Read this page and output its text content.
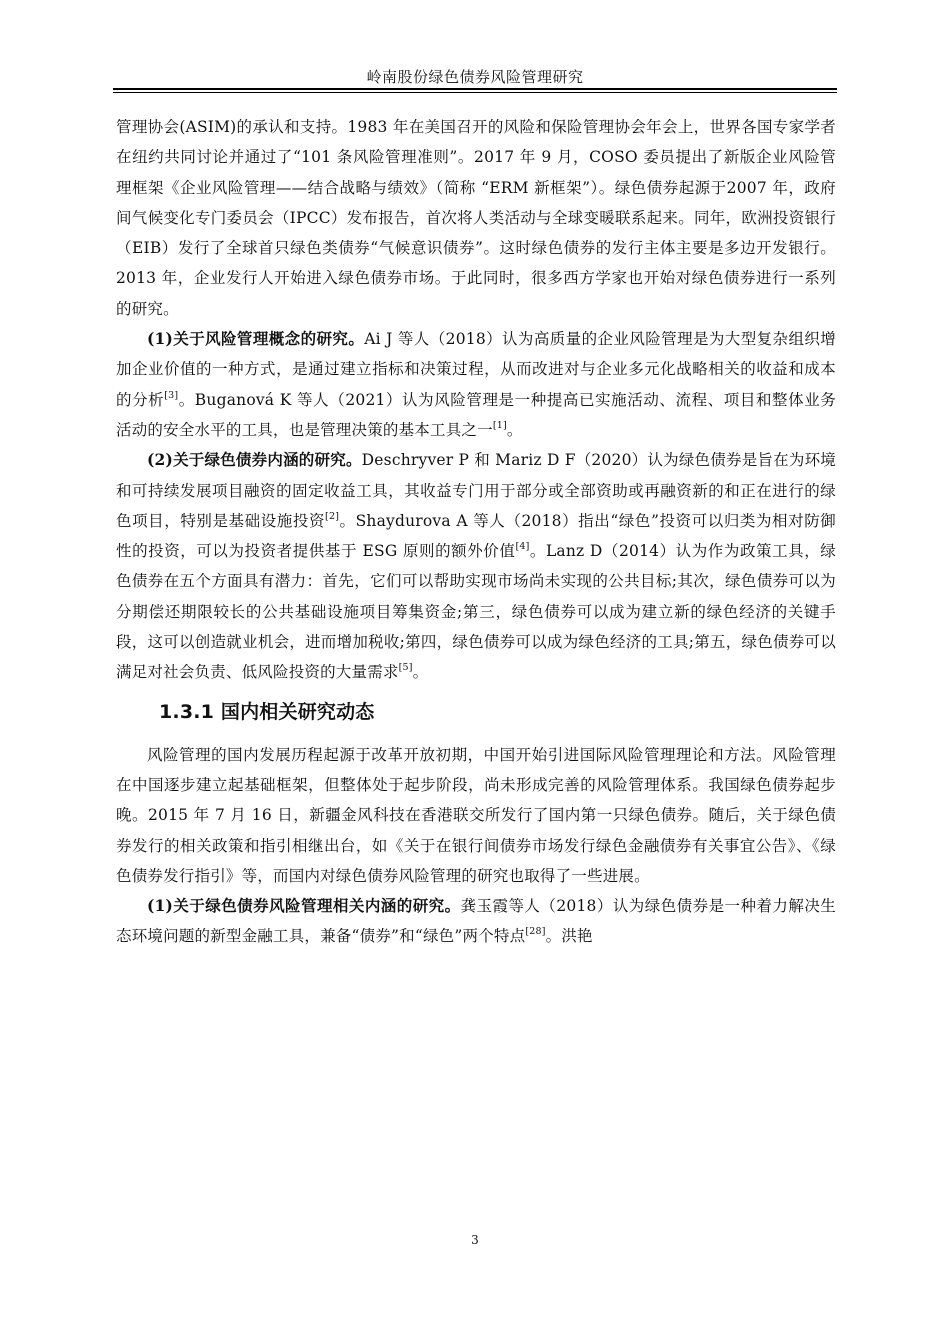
岭南股份绿色债券风险管理研究

管理协会(ASIM)的承认和支持。1983 年在美国召开的风险和保险管理协会年会上，世界各国专家学者在纽约共同讨论并通过了“101 条风险管理准则”。2017 年 9 月，COSO 委员提出了新版企业风险管理框架《企业风险管理——结合战略与绩效》（简称 “ERM 新框架”）。绿色债券起源于2007 年，政府间气候变化专门委员会（IPCC）发布报告，首次将人类活动与全球变暖联系起来。同年，欧洲投资银行（EIB）发行了全球首只绿色类债券“气候意识债券”。这时绿色债券的发行主体主要是多边开发银行。2013 年，企业发行人开始进入绿色债券市场。于此同时，很多西方学家也开始对绿色债券进行一系列的研究。

(1)关于风险管理概念的研究。Ai J 等人（2018）认为高质量的企业风险管理是为大型复杂组织增加企业价值的一种方式，是通过建立指标和决策过程，从而改进对与企业多元化战略相关的收益和成本的分析[3]。Buganová K 等人（2021）认为风险管理是一种提高已实施活动、流程、项目和整体业务活动的安全水平的工具，也是管理决策的基本工具之一[1]。

(2)关于绿色债券内涵的研究。Deschryver P 和 Mariz D F（2020）认为绿色债券是旨在为环境和可持续发展项目融资的固定收益工具，其收益专门用于部分或全部资助或再融资新的和正在进行的绿色项目，特别是基础设施投资[2]。Shaydurova A 等人（2018）指出“绿色”投资可以归类为相对防御性的投资，可以为投资者提供基于 ESG 原则的额外价值[4]。Lanz D（2014）认为作为政策工具，绿色债券在五个方面具有潜力：首先，它们可以帮助实现市场尚未实现的公共目标;其次，绿色债券可以为分期偿还期限较长的公共基础设施项目筹集资金;第三，绿色债券可以成为建立新的绿色经济的关键手段，这可以创造就业机会，进而增加税收;第四，绿色债券可以成为绿色经济的工具;第五，绿色债券可以满足对社会负责、低风险投资的大量需求[5]。

1.3.1 国内相关研究动态

风险管理的国内发展历程起源于改革开放初期，中国开始引进国际风险管理理论和方法。风险管理在中国逐步建立起基础框架，但整体处于起步阶段，尚未形成完善的风险管理体系。我国绿色债券起步晚。2015 年 7 月 16 日，新疆金风科技在香港联交所发行了国内第一只绿色债券。随后，关于绿色债券发行的相关政策和指引相继出台，如《关于在银行间债券市场发行绿色金融债券有关事宜公告》、《绿色债券发行指引》等，而国内对绿色债券风险管理的研究也取得了一些进展。

(1)关于绿色债券风险管理相关内涵的研究。龚玉霞等人（2018）认为绿色债券是一种着力解决生态环境问题的新型金融工具，兼备“债券”和“绿色”两个特点[28]。洪艳

3
